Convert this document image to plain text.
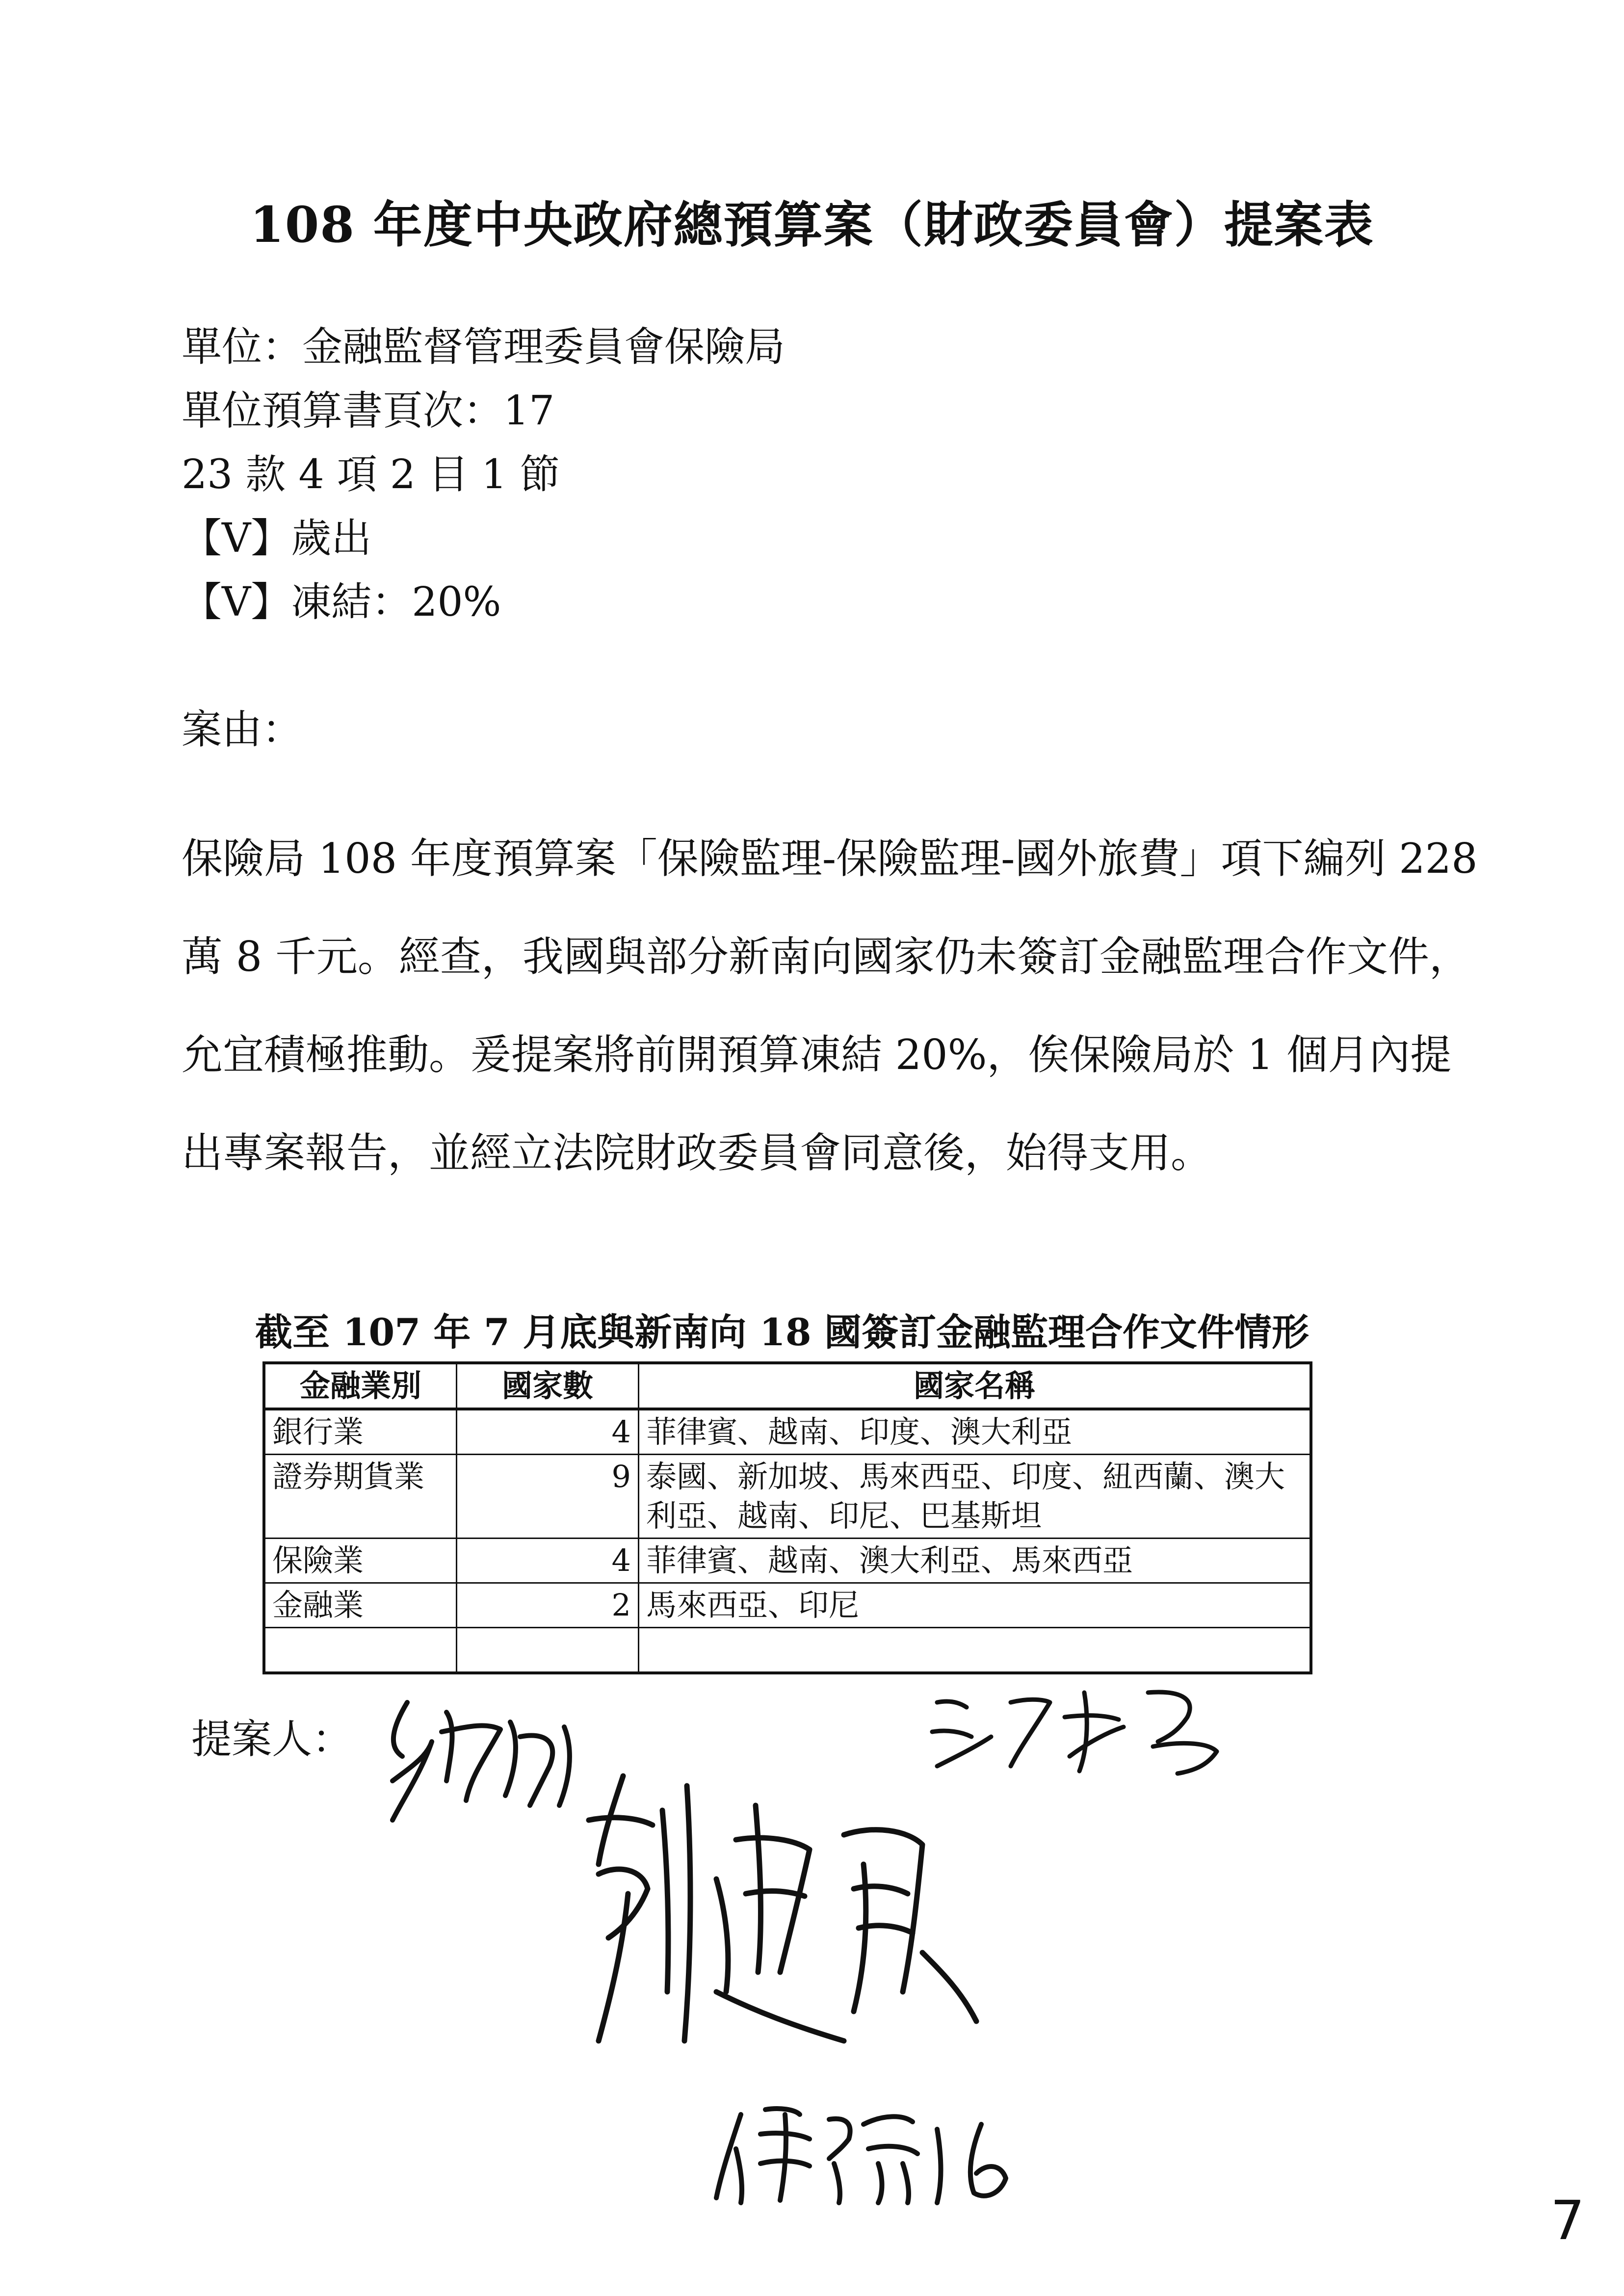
108 年度中央政府總預算案（財政委員會）提案表

單位：金融監督管理委員會保險局

單位預算書頁次：17

23 款 4 項 2 目 1 節

【V】歲出

【V】凍結：20%

案由：

保險局 108 年度預算案「保險監理-保險監理-國外旅費」項下編列 228

萬 8 千元。經查，我國與部分新南向國家仍未簽訂金融監理合作文件，

允宜積極推動。爰提案將前開預算凍結 20%，俟保險局於 1 個月內提

出專案報告，並經立法院財政委員會同意後，始得支用。

截至 107 年 7 月底與新南向 18 國簽訂金融監理合作文件情形

金融業別	國家數	國家名稱
銀行業	4	菲律賓、越南、印度、澳大利亞
證券期貨業	9	泰國、新加坡、馬來西亞、印度、紐西蘭、澳大利亞、越南、印尼、巴基斯坦
保險業	4	菲律賓、越南、澳大利亞、馬來西亞
金融業	2	馬來西亞、印尼

提案人：

7
